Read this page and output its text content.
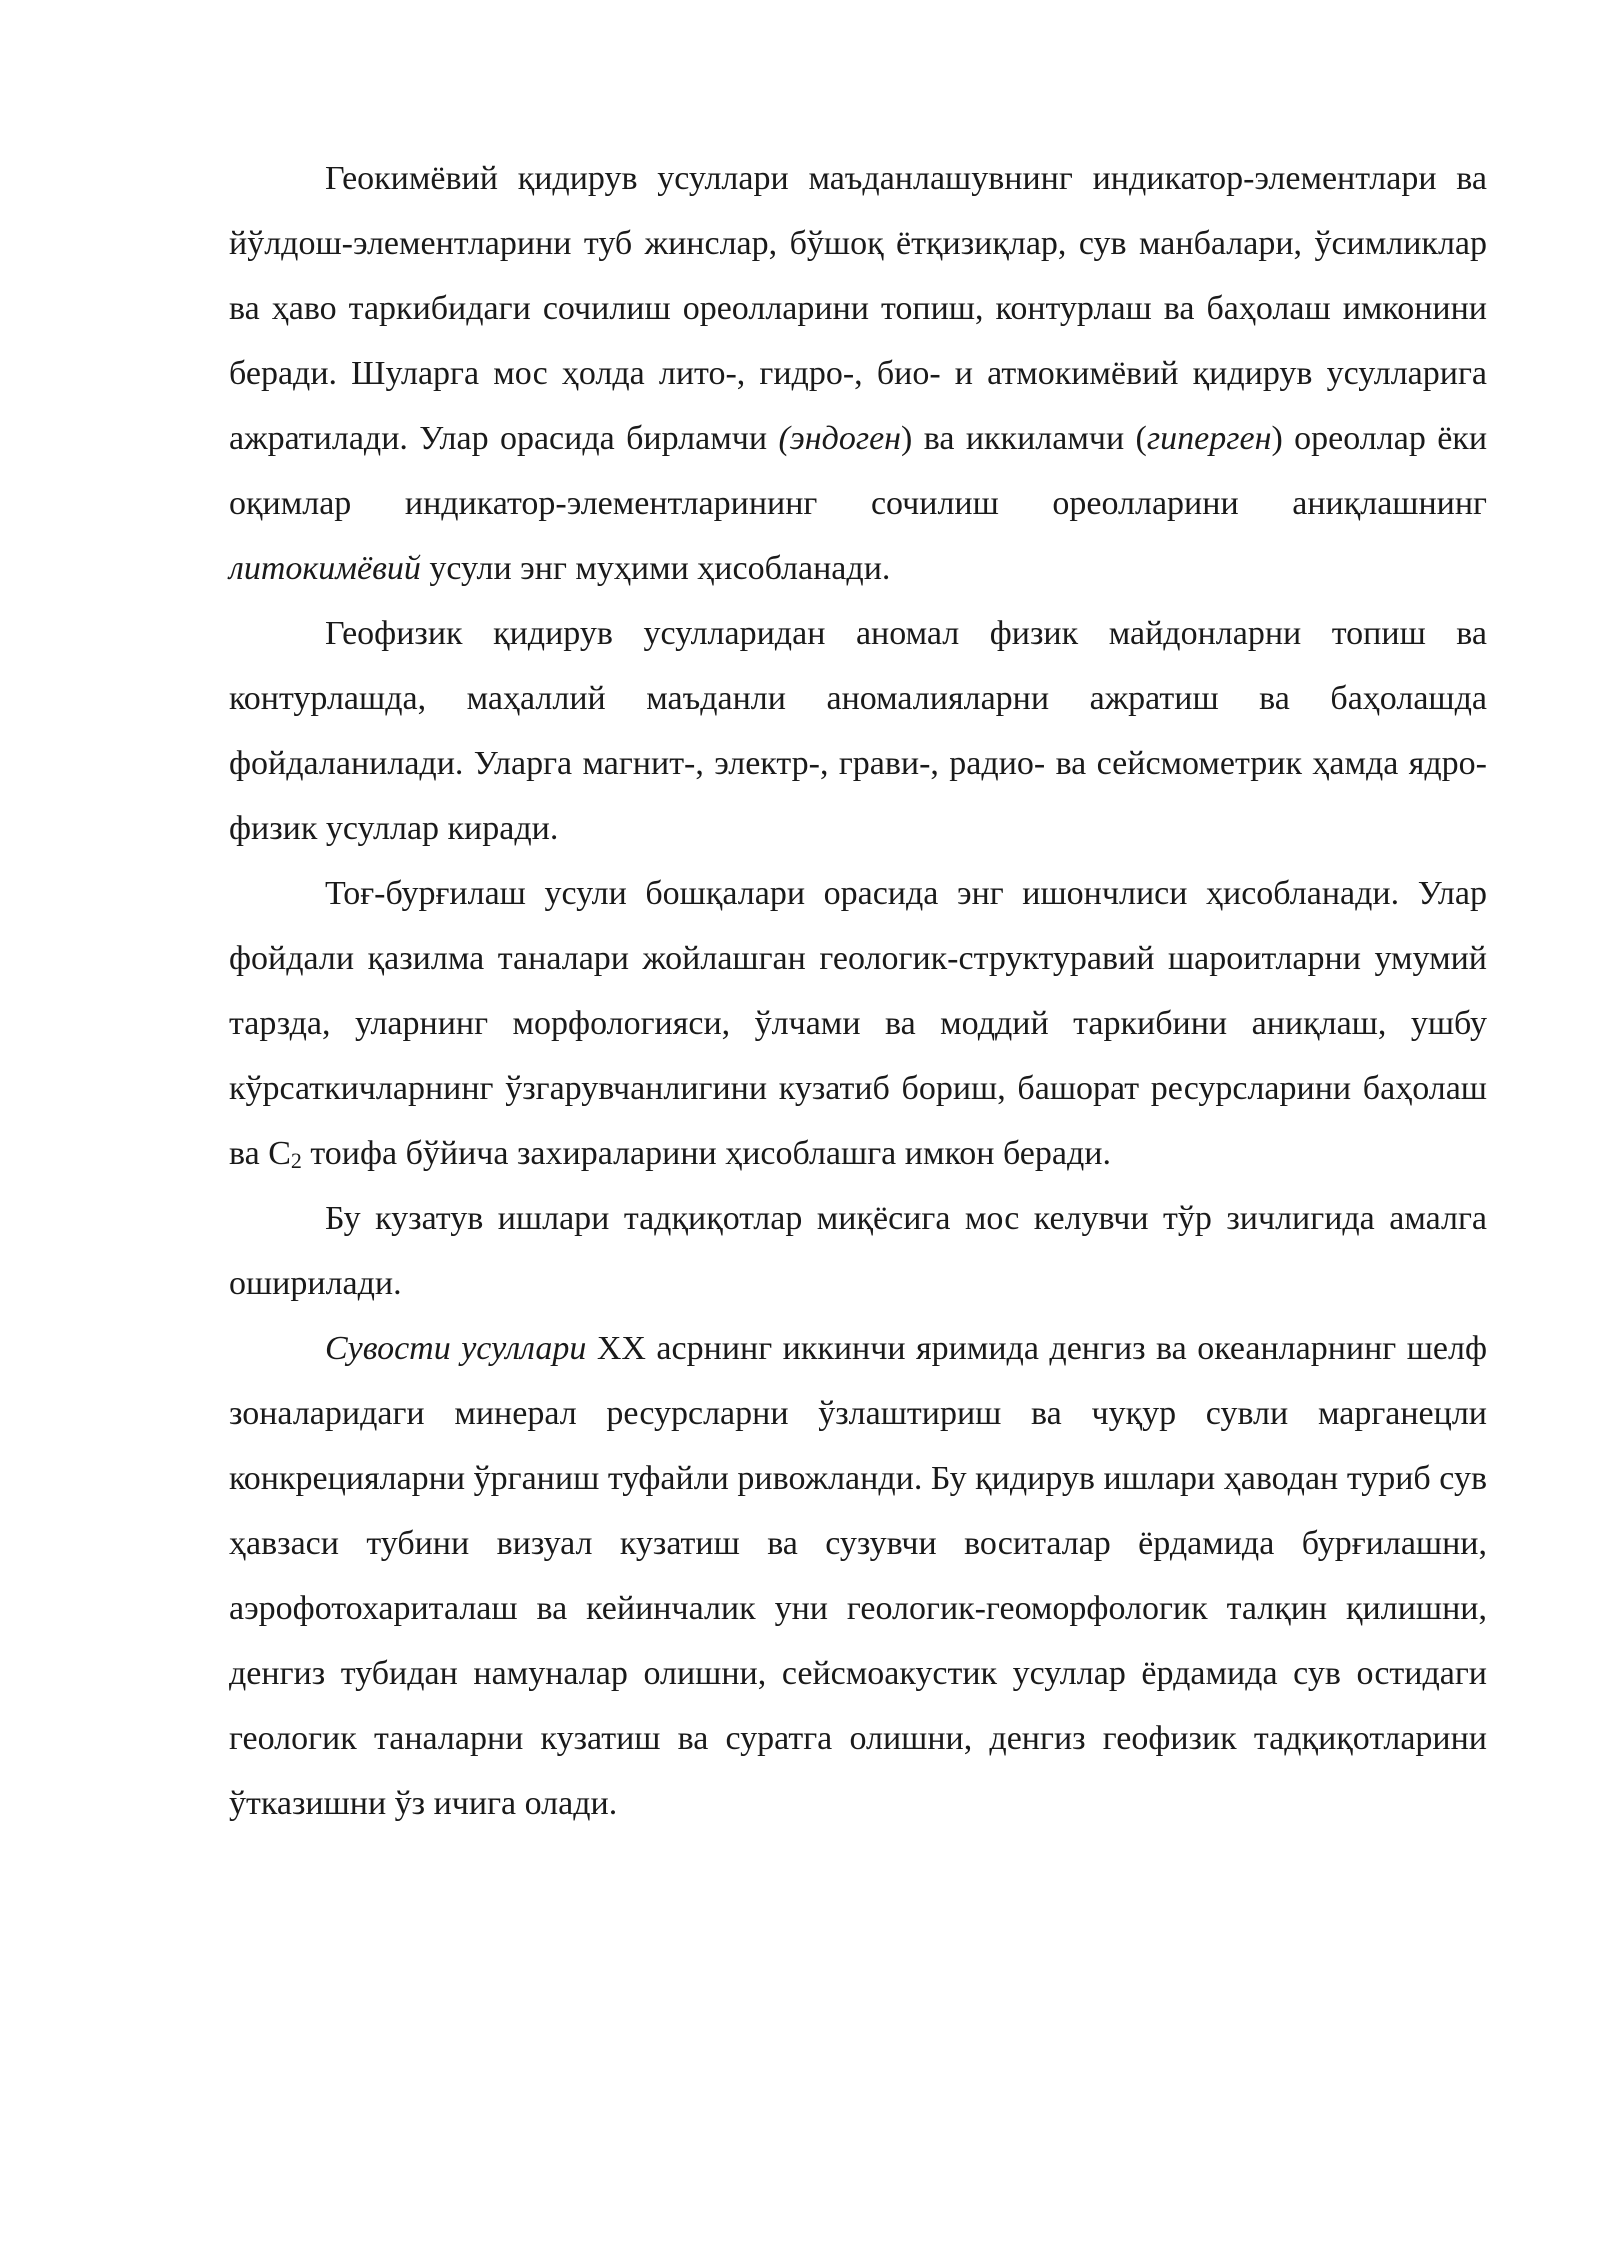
Геокимёвий қидирув усуллари маъданлашувнинг индикатор-элементлари ва йўлдош-элементларини туб жинслар, бўшоқ ётқизиқлар, сув манбалари, ўсимликлар ва ҳаво таркибидаги сочилиш ореолларини топиш, контурлаш ва баҳолаш имконини беради. Шуларга мос ҳолда лито-, гидро-, био- и атмокимёвий қидирув усулларига ажратилади. Улар орасида бирламчи (эндоген) ва иккиламчи (гиперген) ореоллар ёки оқимлар индикатор-элементларининг сочилиш ореолларини аниқлашнинг литокимёвий усули энг муҳими ҳисобланади.

Геофизик қидирув усулларидан аномал физик майдонларни топиш ва контурлашда, маҳаллий маъданли аномалияларни ажратиш ва баҳолашда фойдаланилади. Уларга магнит-, электр-, грави-, радио- ва сейсмометрик ҳамда ядро-физик усуллар киради.

Тоғ-бурғилаш усули бошқалари орасида энг ишончлиси ҳисобланади. Улар фойдали қазилма таналари жойлашган геологик-структуравий шароитларни умумий тарзда, уларнинг морфологияси, ўлчами ва моддий таркибини аниқлаш, ушбу кўрсаткичларнинг ўзгарувчанлигини кузатиб бориш, башорат ресурсларини баҳолаш ва $С_2$ тоифа бўйича захираларини ҳисоблашга имкон беради.

Бу кузатув ишлари тадқиқотлар миқёсига мос келувчи тўр зичлигида амалга оширилади.

Сувости усуллари ХХ асрнинг иккинчи яримида денгиз ва океанларнинг шелф зоналаридаги минерал ресурсларни ўзлаштириш ва чуқур сувли марганецли конкрецияларни ўрганиш туфайли ривожланди. Бу қидирув ишлари ҳаводан туриб сув ҳавзаси тубини визуал кузатиш ва сузувчи воситалар ёрдамида бурғилашни, аэрофотохариталаш ва кейинчалик уни геологик-геоморфологик талқин қилишни, денгиз тубидан намуналар олишни, сейсмоакустик усуллар ёрдамида сув остидаги геологик таналарни кузатиш ва суратга олишни, денгиз геофизик тадқиқотларини ўтказишни ўз ичига олади.
